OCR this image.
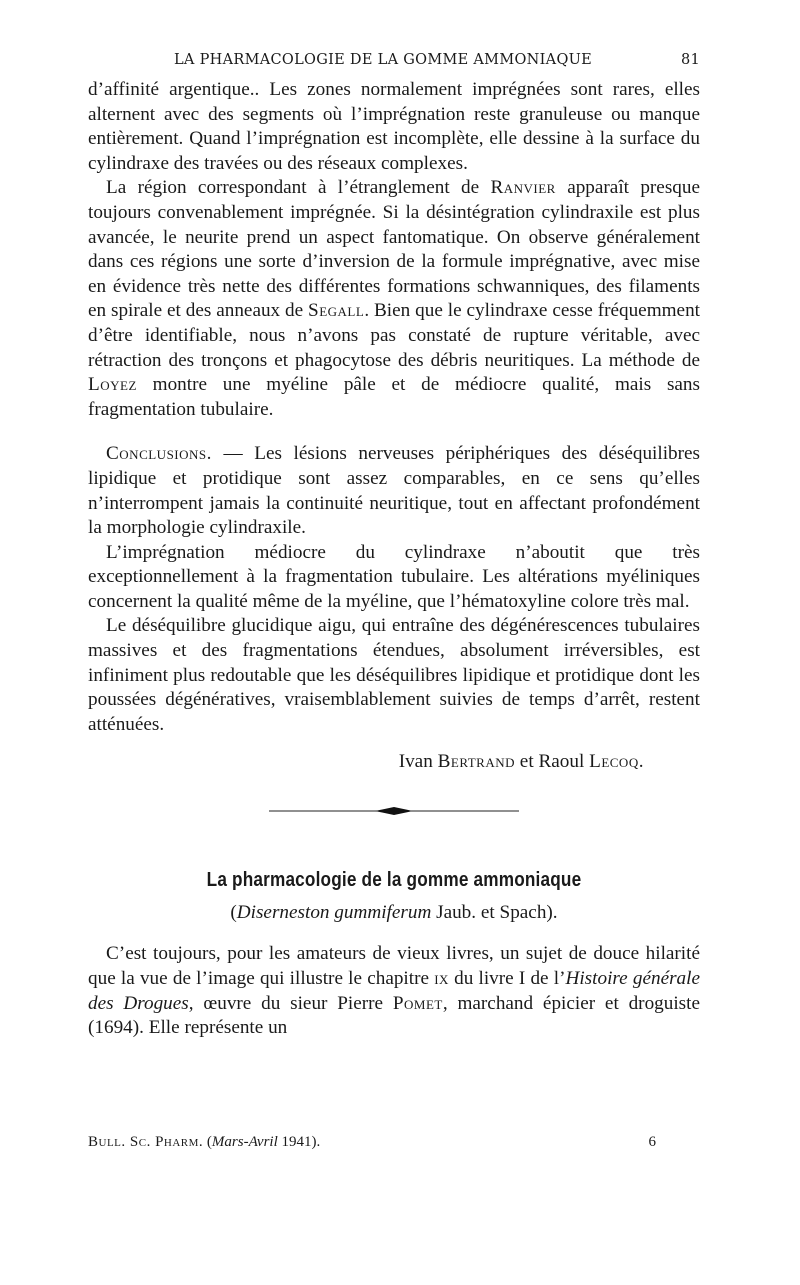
LA PHARMACOLOGIE DE LA GOMME AMMONIAQUE	81

d’affinité argentique.. Les zones normalement imprégnées sont rares, elles alternent avec des segments où l’imprégnation reste granuleuse ou manque entièrement. Quand l’imprégnation est incomplète, elle dessine à la surface du cylindraxe des travées ou des réseaux complexes.

La région correspondant à l’étranglement de Ranvier apparaît presque toujours convenablement imprégnée. Si la désintégration cylindraxile est plus avancée, le neurite prend un aspect fantomatique. On observe généralement dans ces régions une sorte d’inversion de la formule imprégnative, avec mise en évidence très nette des différentes formations schwanniques, des filaments en spirale et des anneaux de Segall. Bien que le cylindraxe cesse fréquemment d’être identifiable, nous n’avons pas constaté de rupture véritable, avec rétraction des tronçons et phagocytose des débris neuritiques. La méthode de Loyez montre une myéline pâle et de médiocre qualité, mais sans fragmentation tubulaire.

Conclusions. — Les lésions nerveuses périphériques des déséquilibres lipidique et protidique sont assez comparables, en ce sens qu’elles n’interrompent jamais la continuité neuritique, tout en affectant profondément la morphologie cylindraxile.

L’imprégnation médiocre du cylindraxe n’aboutit que très exceptionnellement à la fragmentation tubulaire. Les altérations myéliniques concernent la qualité même de la myéline, que l’hématoxyline colore très mal.

Le déséquilibre glucidique aigu, qui entraîne des dégénérescences tubulaires massives et des fragmentations étendues, absolument irréversibles, est infiniment plus redoutable que les déséquilibres lipidique et protidique dont les poussées dégénératives, vraisemblablement suivies de temps d’arrêt, restent atténuées.

Ivan Bertrand et Raoul Lecoq.
La pharmacologie de la gomme ammoniaque
(Diserneston gummiferum Jaub. et Spach).

C’est toujours, pour les amateurs de vieux livres, un sujet de douce hilarité que la vue de l’image qui illustre le chapitre ix du livre I de l’Histoire générale des Drogues, œuvre du sieur Pierre Pomet, marchand épicier et droguiste (1694). Elle représente un

Bull. Sc. Pharm. (Mars-Avril 1941).	6
